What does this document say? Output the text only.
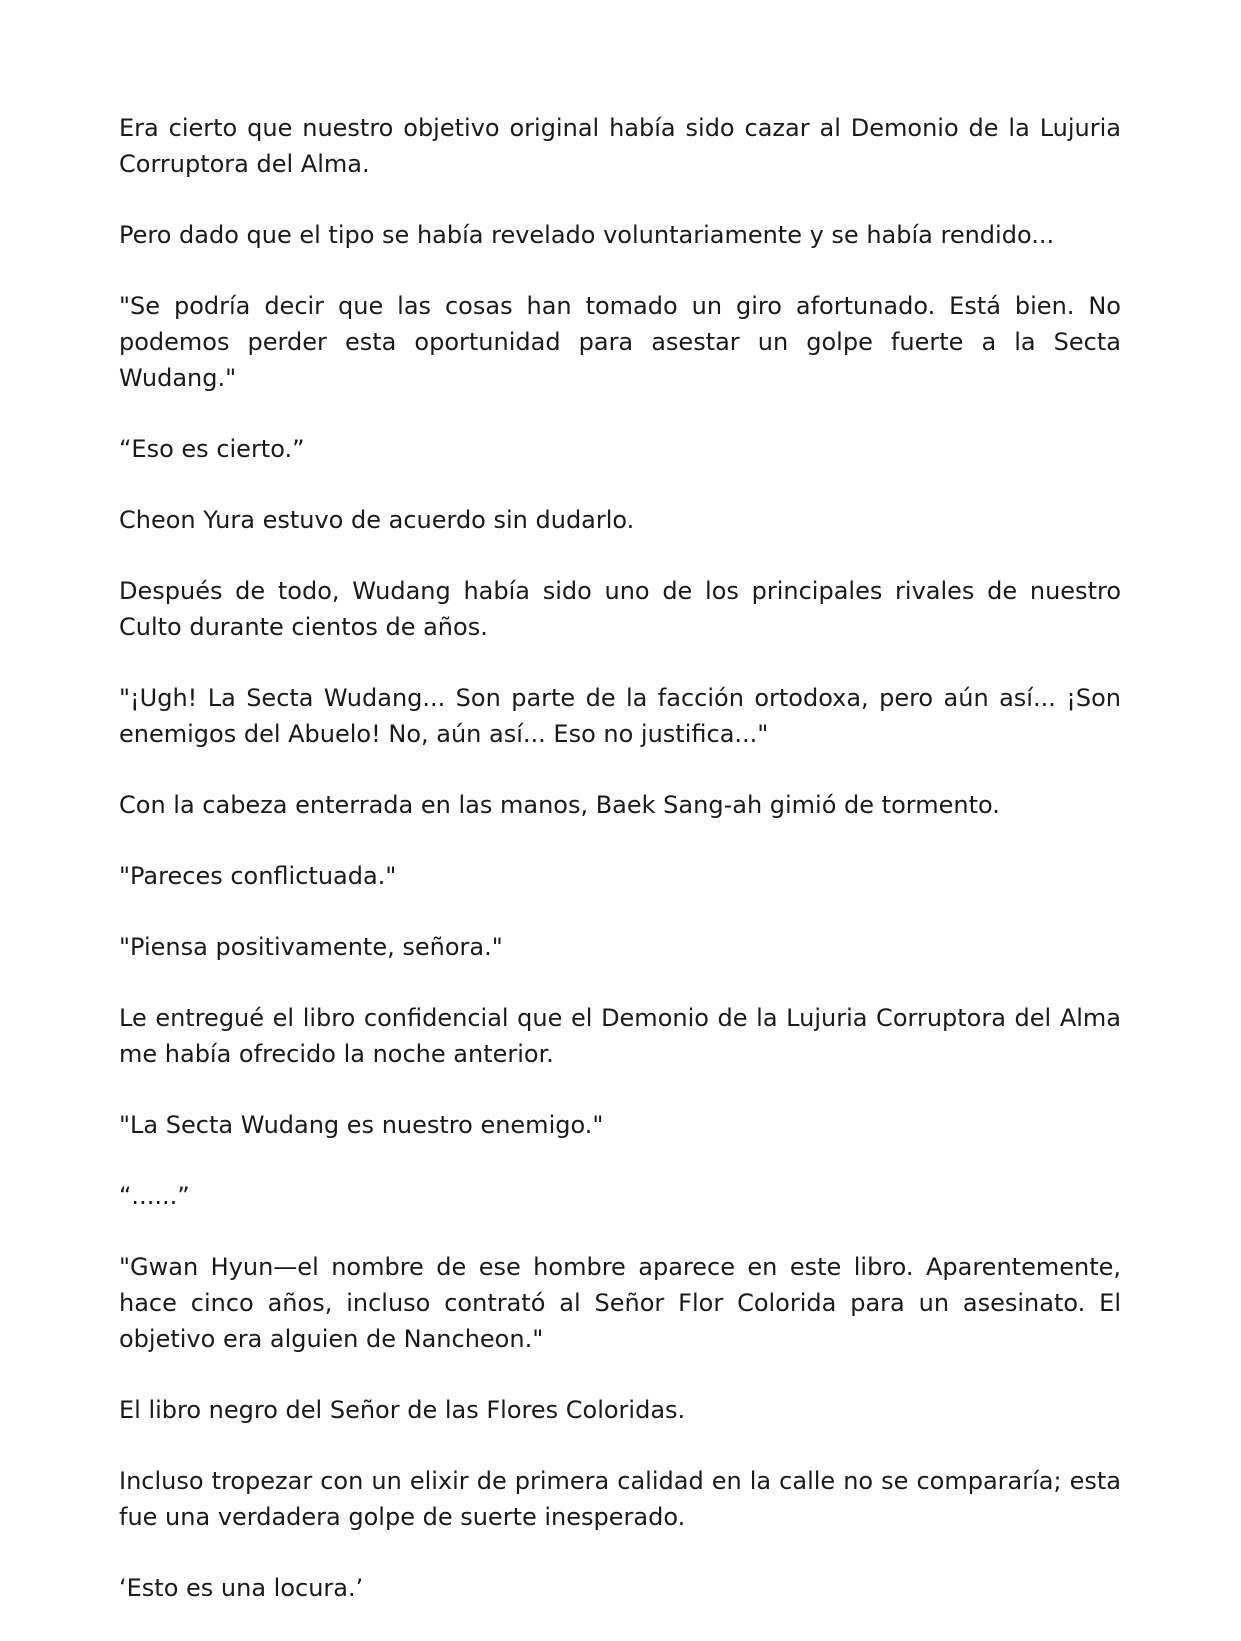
Era cierto que nuestro objetivo original había sido cazar al Demonio de la Lujuria Corruptora del Alma.

Pero dado que el tipo se había revelado voluntariamente y se había rendido...

"Se podría decir que las cosas han tomado un giro afortunado. Está bien. No podemos perder esta oportunidad para asestar un golpe fuerte a la Secta Wudang."

“Eso es cierto.”

Cheon Yura estuvo de acuerdo sin dudarlo.

Después de todo, Wudang había sido uno de los principales rivales de nuestro Culto durante cientos de años.

"¡Ugh! La Secta Wudang... Son parte de la facción ortodoxa, pero aún así... ¡Son enemigos del Abuelo! No, aún así... Eso no justifica..."

Con la cabeza enterrada en las manos, Baek Sang-ah gimió de tormento.

"Pareces conflictuada."

"Piensa positivamente, señora."

Le entregué el libro confidencial que el Demonio de la Lujuria Corruptora del Alma me había ofrecido la noche anterior.

"La Secta Wudang es nuestro enemigo."

“......”

"Gwan Hyun—el nombre de ese hombre aparece en este libro. Aparentemente, hace cinco años, incluso contrató al Señor Flor Colorida para un asesinato. El objetivo era alguien de Nancheon."

El libro negro del Señor de las Flores Coloridas.

Incluso tropezar con un elixir de primera calidad en la calle no se compararía; esta fue una verdadera golpe de suerte inesperado.

‘Esto es una locura.’
